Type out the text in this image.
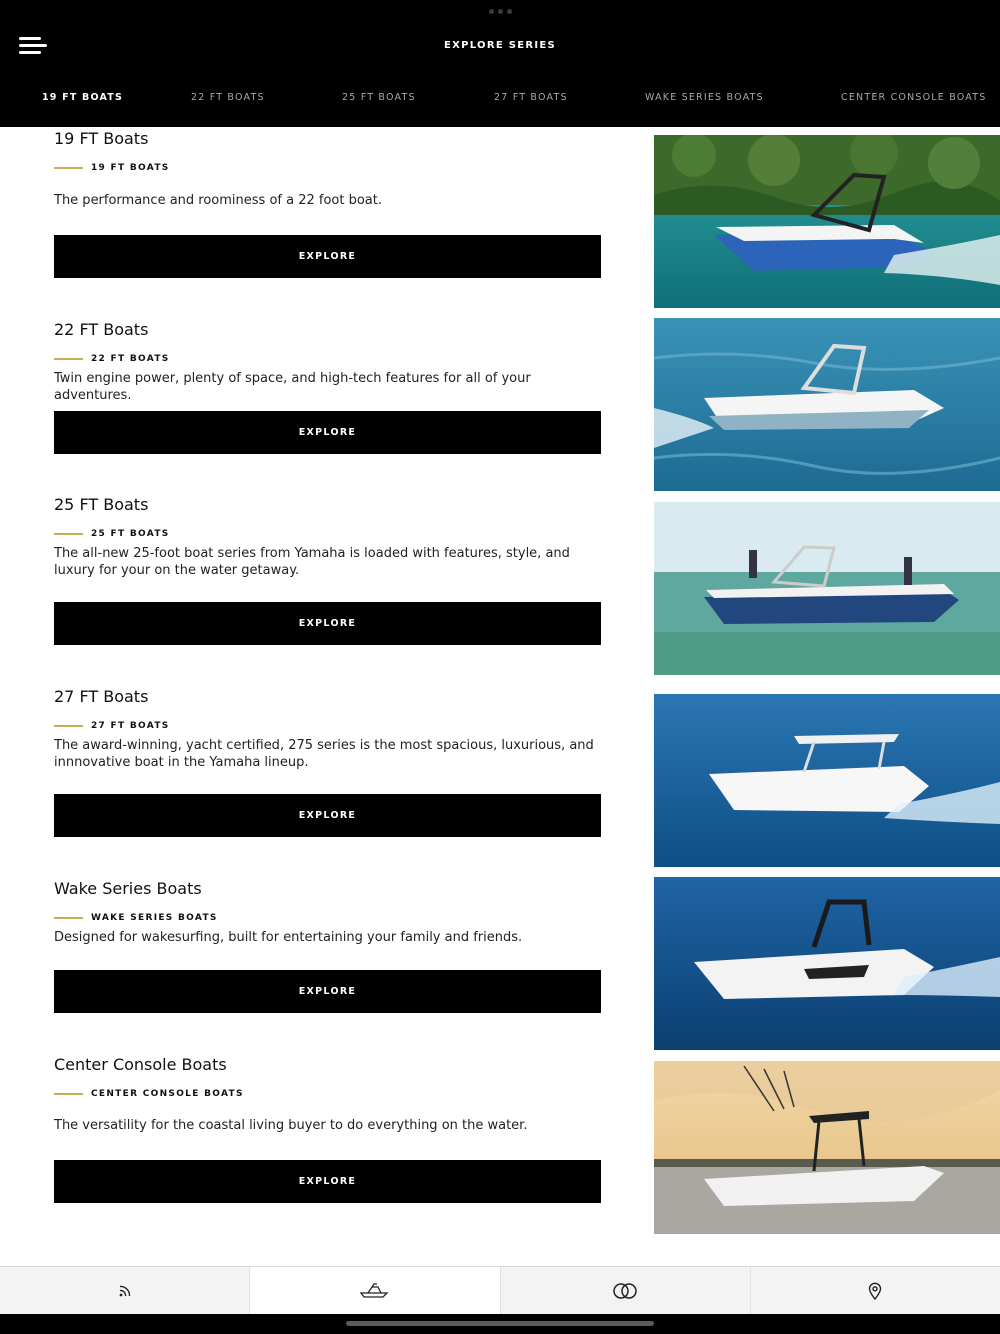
EXPLORE SERIES
19 FT BOATS	22 FT BOATS	25 FT BOATS	27 FT BOATS	WAKE SERIES BOATS	CENTER CONSOLE BOATS
19 FT Boats
19 FT BOATS
The performance and roominess of a 22 foot boat.
EXPLORE
22 FT Boats
22 FT BOATS
Twin engine power, plenty of space, and high-tech features for all of your adventures.
EXPLORE
25 FT Boats
25 FT BOATS
The all-new 25-foot boat series from Yamaha is loaded with features, style, and luxury for your on the water getaway.
EXPLORE
27 FT Boats
27 FT BOATS
The award-winning, yacht certified, 275 series is the most spacious, luxurious, and innnovative boat in the Yamaha lineup.
EXPLORE
Wake Series Boats
WAKE SERIES BOATS
Designed for wakesurfing, built for entertaining your family and friends.
EXPLORE
Center Console Boats
CENTER CONSOLE BOATS
The versatility for the coastal living buyer to do everything on the water.
EXPLORE
